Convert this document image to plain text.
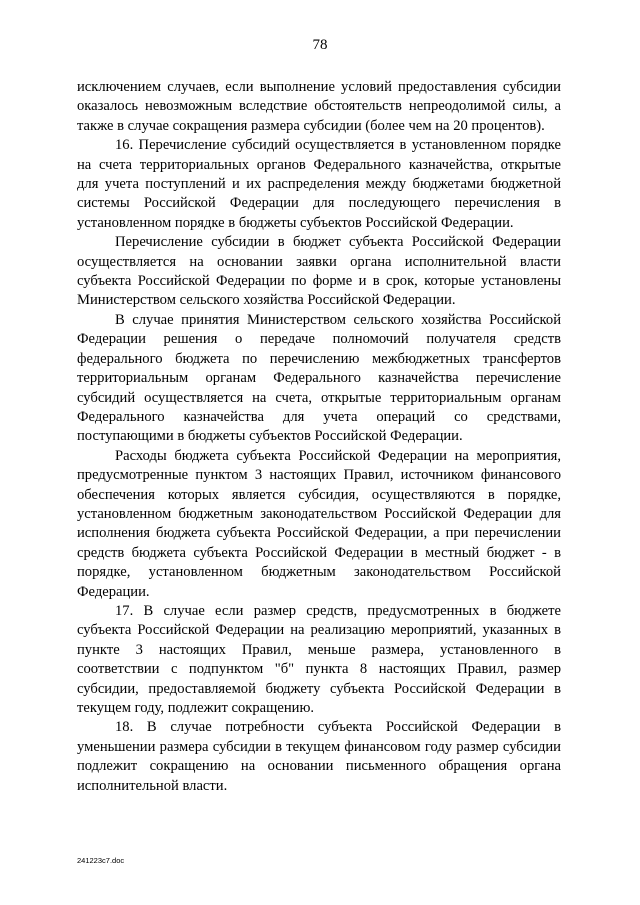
78

исключением случаев, если выполнение условий предоставления субсидии оказалось невозможным вследствие обстоятельств непреодолимой силы, а также в случае сокращения размера субсидии (более чем на 20 процентов).

16. Перечисление субсидий осуществляется в установленном порядке на счета территориальных органов Федерального казначейства, открытые для учета поступлений и их распределения между бюджетами бюджетной системы Российской Федерации для последующего перечисления в установленном порядке в бюджеты субъектов Российской Федерации.

Перечисление субсидии в бюджет субъекта Российской Федерации осуществляется на основании заявки органа исполнительной власти субъекта Российской Федерации по форме и в срок, которые установлены Министерством сельского хозяйства Российской Федерации.

В случае принятия Министерством сельского хозяйства Российской Федерации решения о передаче полномочий получателя средств федерального бюджета по перечислению межбюджетных трансфертов территориальным органам Федерального казначейства перечисление субсидий осуществляется на счета, открытые территориальным органам Федерального казначейства для учета операций со средствами, поступающими в бюджеты субъектов Российской Федерации.

Расходы бюджета субъекта Российской Федерации на мероприятия, предусмотренные пунктом 3 настоящих Правил, источником финансового обеспечения которых является субсидия, осуществляются в порядке, установленном бюджетным законодательством Российской Федерации для исполнения бюджета субъекта Российской Федерации, а при перечислении средств бюджета субъекта Российской Федерации в местный бюджет - в порядке, установленном бюджетным законодательством Российской Федерации.

17. В случае если размер средств, предусмотренных в бюджете субъекта Российской Федерации на реализацию мероприятий, указанных в пункте 3 настоящих Правил, меньше размера, установленного в соответствии с подпунктом "б" пункта 8 настоящих Правил, размер субсидии, предоставляемой бюджету субъекта Российской Федерации в текущем году, подлежит сокращению.

18. В случае потребности субъекта Российской Федерации в уменьшении размера субсидии в текущем финансовом году размер субсидии подлежит сокращению на основании письменного обращения органа исполнительной власти.

241223c7.doc
